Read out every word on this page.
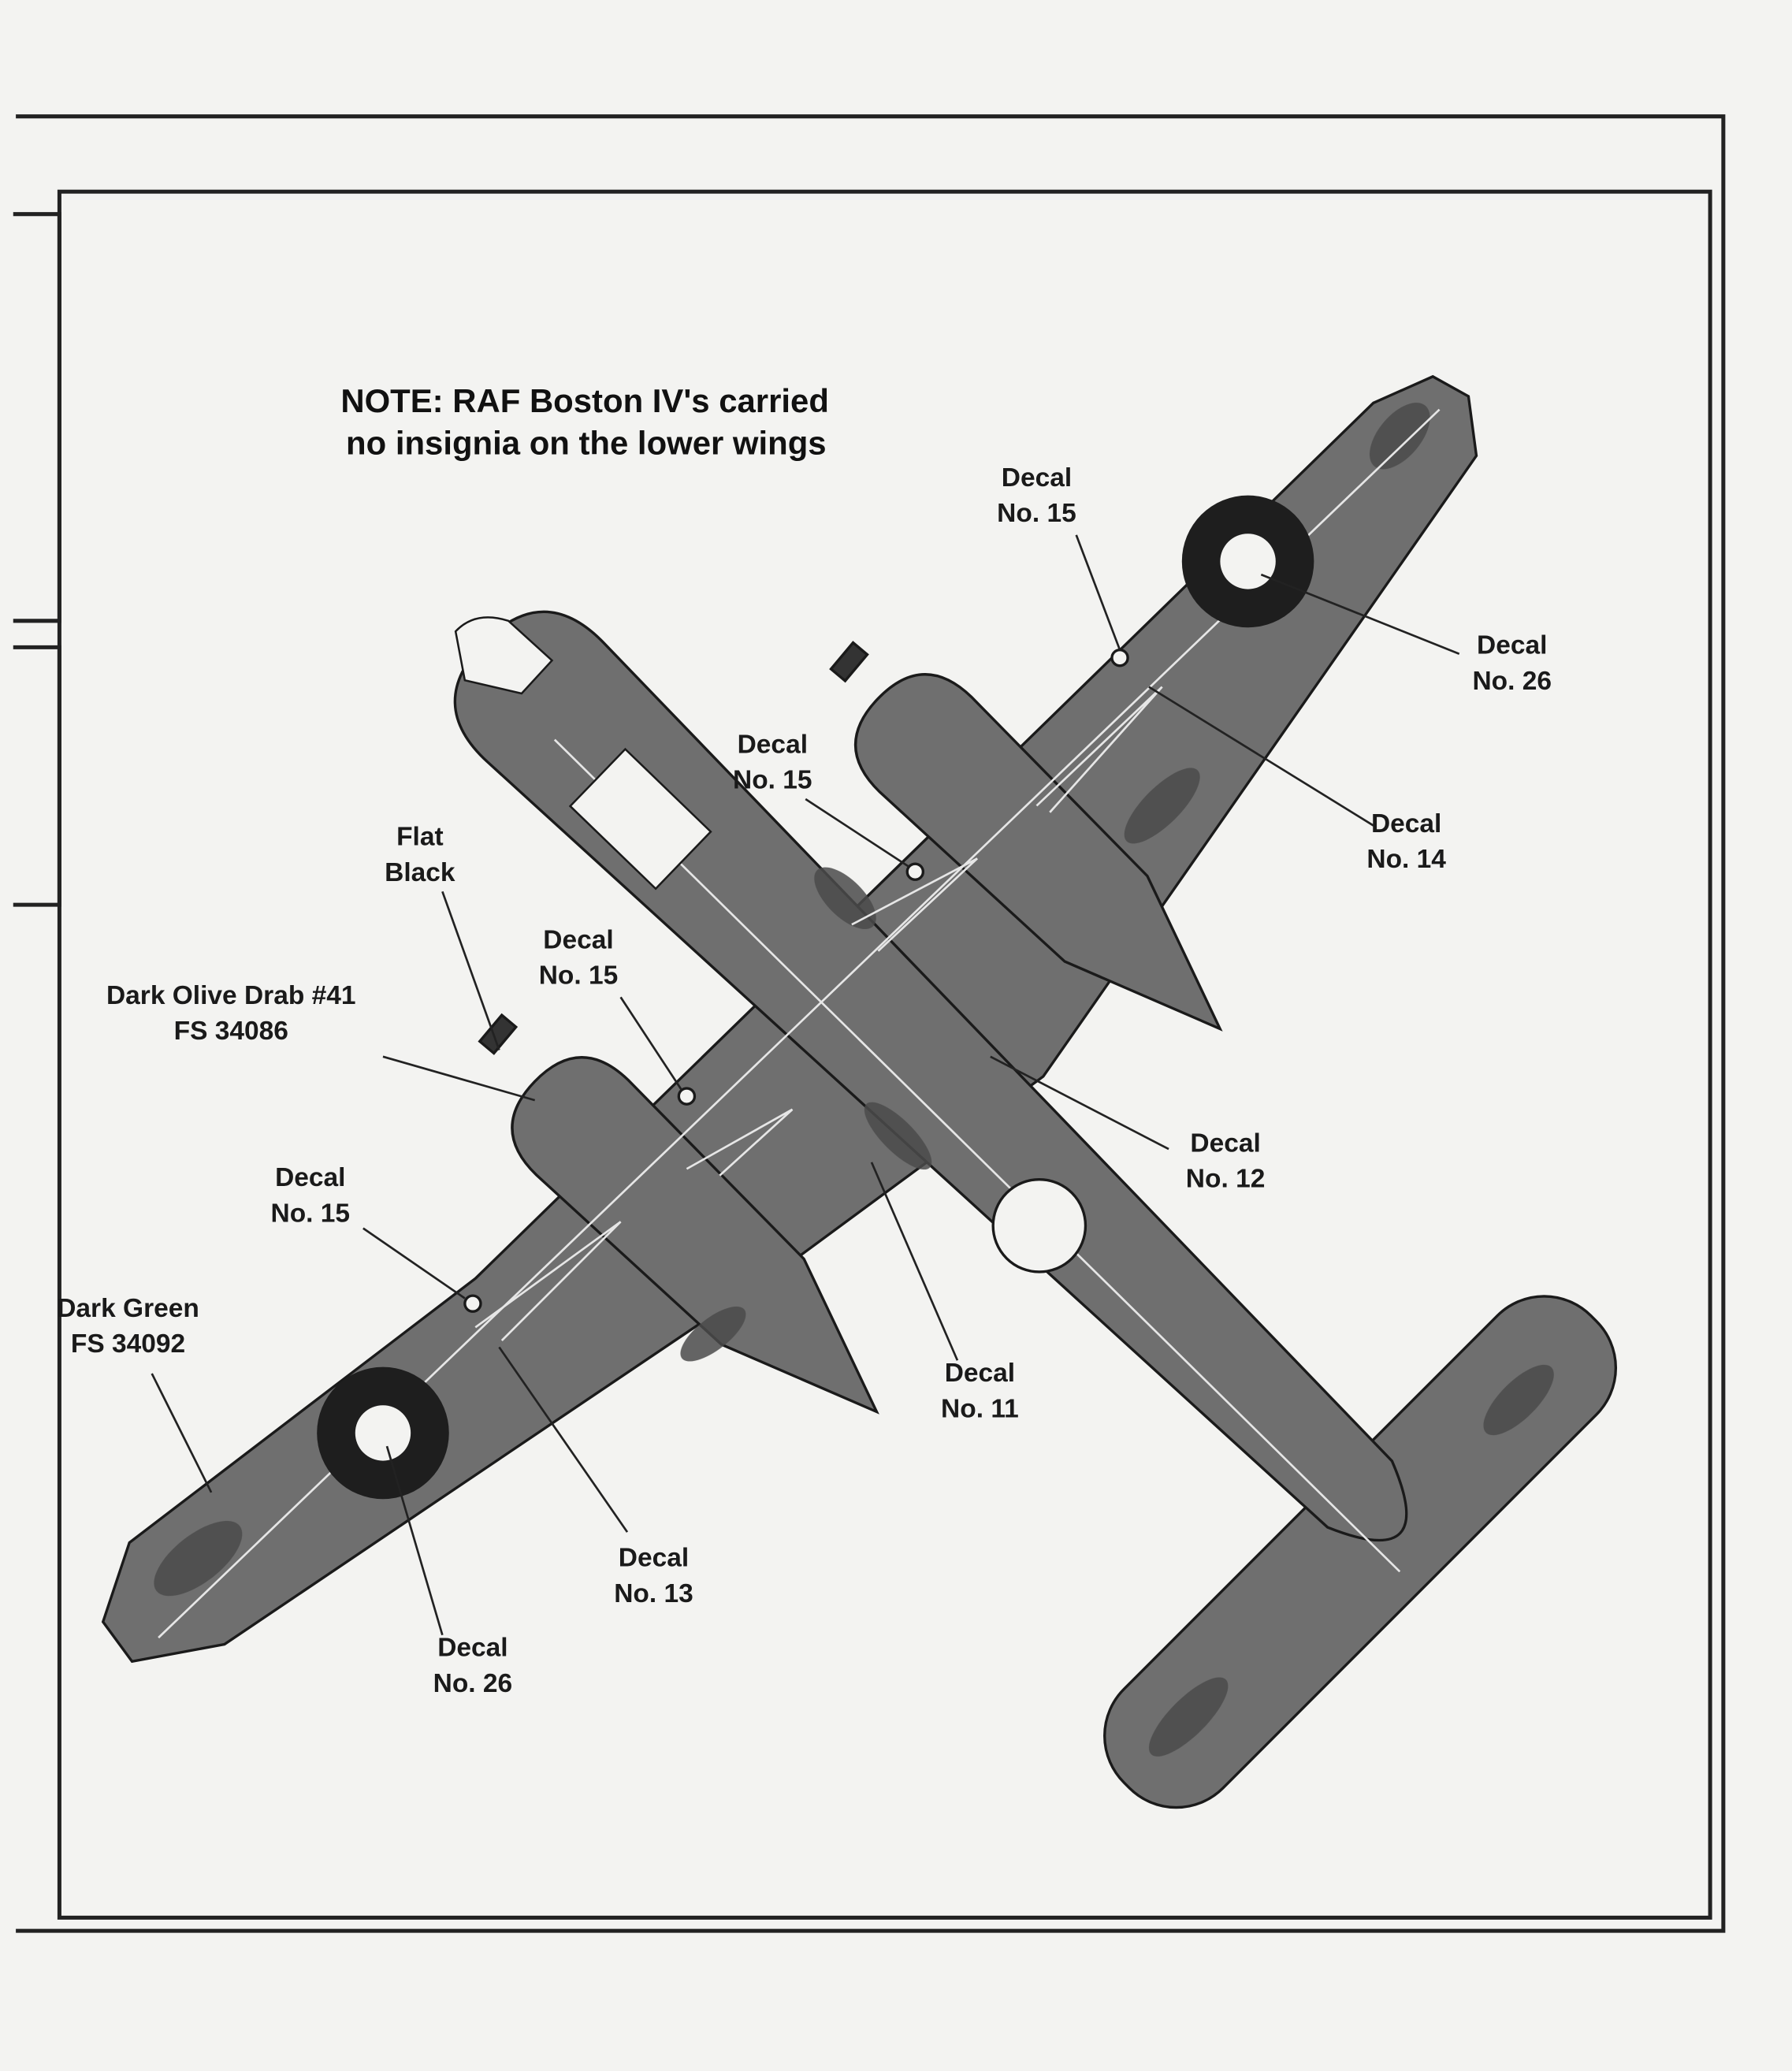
NOTE: RAF Boston IV's carried
no insignia on the lower wings
Decal
No. 15
Decal
No. 26
Decal
No. 15
Decal
No. 14
Flat
Black
Decal
No. 15
Dark Olive Drab #41
FS 34086
Decal
No. 12
Decal
No. 15
Dark Green
FS 34092
Decal
No. 11
Decal
No. 13
Decal
No. 26
